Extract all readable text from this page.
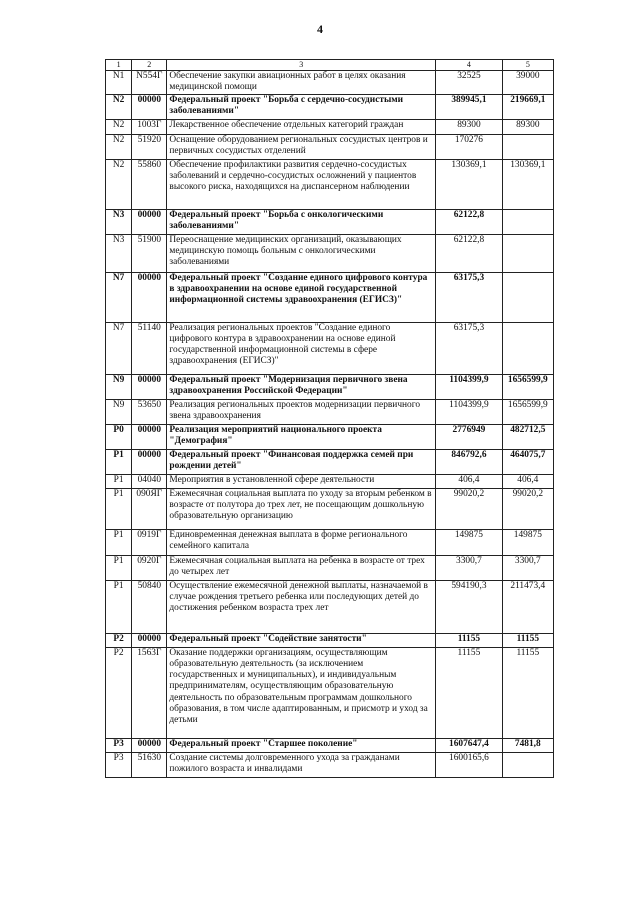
4
1	2	3	4	5
N1	N554Г	Обеспечение закупки авиационных работ в целях оказания медицинской помощи	32525	39000
N2	00000	Федеральный проект "Борьба с сердечно-сосудистыми заболеваниями"	389945,1	219669,1
N2	1003Г	Лекарственное обеспечение отдельных категорий граждан	89300	89300
N2	51920	Оснащение оборудованием региональных сосудистых центров и первичных сосудистых отделений	170276	
N2	55860	Обеспечение профилактики развития сердечно-сосудистых заболеваний и сердечно-сосудистых осложнений у пациентов высокого риска, находящихся на диспансерном наблюдении	130369,1	130369,1
N3	00000	Федеральный проект "Борьба с онкологическими заболеваниями"	62122,8	
N3	51900	Переоснащение медицинских организаций, оказывающих медицинскую помощь больным с онкологическими заболеваниями	62122,8	
N7	00000	Федеральный проект "Создание единого цифрового контура в здравоохранении на основе единой государственной информационной системы здравоохранения (ЕГИСЗ)"	63175,3	
N7	51140	Реализация региональных проектов "Создание единого цифрового контура в здравоохранении на основе единой государственной информационной системы в сфере здравоохранения (ЕГИСЗ)"	63175,3	
N9	00000	Федеральный проект "Модернизация первичного звена здравоохранения Российской Федерации"	1104399,9	1656599,9
N9	53650	Реализация региональных проектов модернизации первичного звена здравоохранения	1104399,9	1656599,9
P0	00000	Реализация мероприятий национального проекта "Демография"	2776949	482712,5
P1	00000	Федеральный проект "Финансовая поддержка семей при рождении детей"	846792,6	464075,7
P1	04040	Мероприятия в установленной сфере деятельности	406,4	406,4
P1	090ЯГ	Ежемесячная социальная выплата по уходу за вторым ребенком в возрасте от полутора до трех лет, не посещающим дошкольную образовательную организацию	99020,2	99020,2
P1	0919Г	Единовременная денежная выплата в форме регионального семейного капитала	149875	149875
P1	0920Г	Ежемесячная социальная выплата на ребенка в возрасте от трех до четырех лет	3300,7	3300,7
P1	50840	Осуществление ежемесячной денежной выплаты, назначаемой в случае рождения третьего ребенка или последующих детей до достижения ребенком возраста трех лет	594190,3	211473,4
P2	00000	Федеральный проект "Содействие занятости"	11155	11155
P2	1563Г	Оказание поддержки организациям, осуществляющим образовательную деятельность (за исключением государственных и муниципальных), и индивидуальным предпринимателям, осуществляющим образовательную деятельность по образовательным программам дошкольного образования, в том числе адаптированным, и присмотр и уход за детьми	11155	11155
P3	00000	Федеральный проект "Старшее поколение"	1607647,4	7481,8
P3	51630	Создание системы долговременного ухода за гражданами пожилого возраста и инвалидами	1600165,6	
